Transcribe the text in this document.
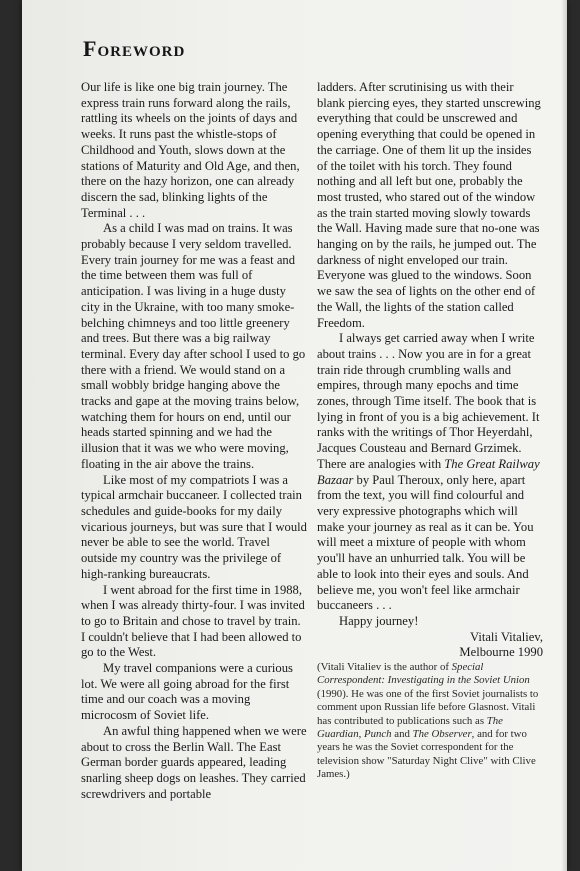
Foreword

Our life is like one big train journey. The express train runs forward along the rails, rattling its wheels on the joints of days and weeks. It runs past the whistle-stops of Childhood and Youth, slows down at the stations of Maturity and Old Age, and then, there on the hazy horizon, one can already discern the sad, blinking lights of the Terminal . . .

As a child I was mad on trains. It was probably because I very seldom travelled. Every train journey for me was a feast and the time between them was full of anticipation. I was living in a huge dusty city in the Ukraine, with too many smoke-belching chimneys and too little greenery and trees. But there was a big railway terminal. Every day after school I used to go there with a friend. We would stand on a small wobbly bridge hanging above the tracks and gape at the moving trains below, watching them for hours on end, until our heads started spinning and we had the illusion that it was we who were moving, floating in the air above the trains.

Like most of my compatriots I was a typical armchair buccaneer. I collected train schedules and guide-books for my daily vicarious journeys, but was sure that I would never be able to see the world. Travel outside my country was the privilege of high-ranking bureaucrats.

I went abroad for the first time in 1988, when I was already thirty-four. I was invited to go to Britain and chose to travel by train. I couldn't believe that I had been allowed to go to the West.

My travel companions were a curious lot. We were all going abroad for the first time and our coach was a moving microcosm of Soviet life.

An awful thing happened when we were about to cross the Berlin Wall. The East German border guards appeared, leading snarling sheep dogs on leashes. They carried screwdrivers and portable

ladders. After scrutinising us with their blank piercing eyes, they started unscrewing everything that could be unscrewed and opening everything that could be opened in the carriage. One of them lit up the insides of the toilet with his torch. They found nothing and all left but one, probably the most trusted, who stared out of the window as the train started moving slowly towards the Wall. Having made sure that no-one was hanging on by the rails, he jumped out. The darkness of night enveloped our train. Everyone was glued to the windows. Soon we saw the sea of lights on the other end of the Wall, the lights of the station called Freedom.

I always get carried away when I write about trains . . . Now you are in for a great train ride through crumbling walls and empires, through many epochs and time zones, through Time itself. The book that is lying in front of you is a big achievement. It ranks with the writings of Thor Heyerdahl, Jacques Cousteau and Bernard Grzimek. There are analogies with The Great Railway Bazaar by Paul Theroux, only here, apart from the text, you will find colourful and very expressive photographs which will make your journey as real as it can be. You will meet a mixture of people with whom you'll have an unhurried talk. You will be able to look into their eyes and souls. And believe me, you won't feel like armchair buccaneers . . .

Happy journey!

Vitali Vitaliev,

Melbourne 1990

(Vitali Vitaliev is the author of Special Correspondent: Investigating in the Soviet Union (1990). He was one of the first Soviet journalists to comment upon Russian life before Glasnost. Vitali has contributed to publications such as The Guardian, Punch and The Observer, and for two years he was the Soviet correspondent for the television show "Saturday Night Clive" with Clive James.)
